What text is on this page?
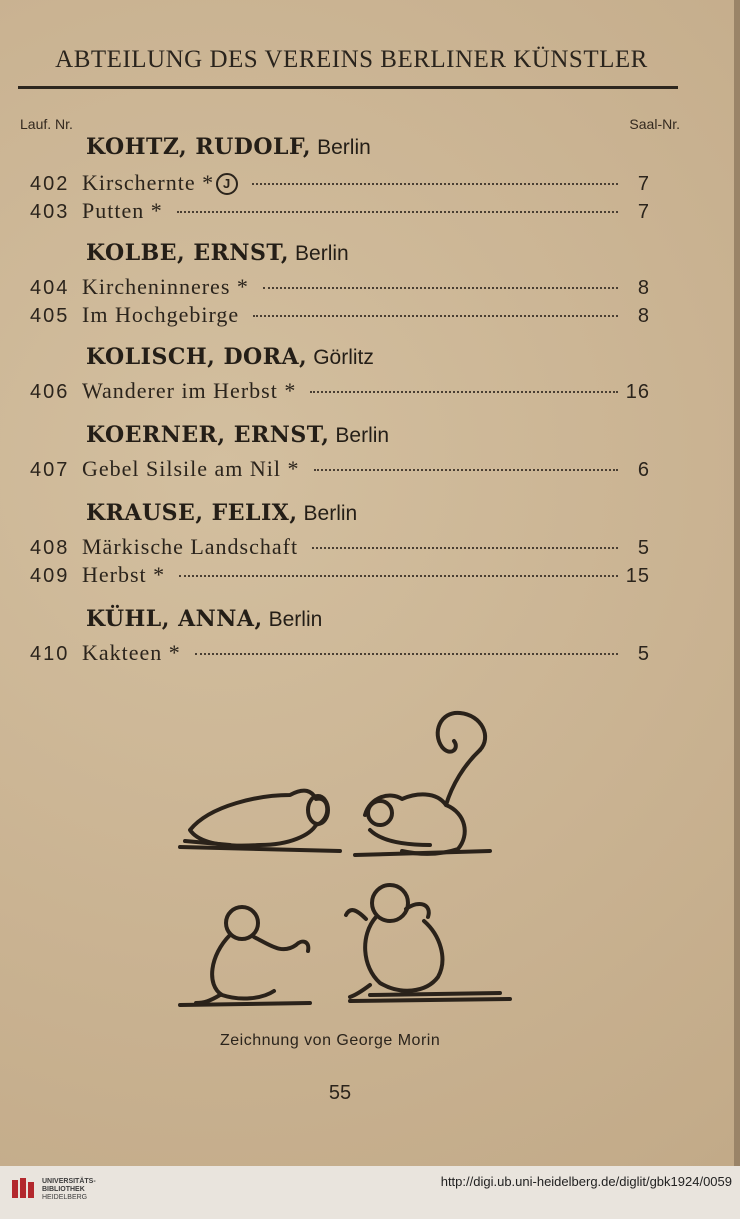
ABTEILUNG DES VEREINS BERLINER KÜNSTLER
Lauf. Nr.	Saal-Nr.
KOHTZ, RUDOLF, Berlin
402 Kirschernte * J	7
403 Putten *	7
KOLBE, ERNST, Berlin
404 Kircheninneres *	8
405 Im Hochgebirge	8
KOLISCH, DORA, Görlitz
406 Wanderer im Herbst *	16
KOERNER, ERNST, Berlin
407 Gebel Silsile am Nil *	6
KRAUSE, FELIX, Berlin
408 Märkische Landschaft	5
409 Herbst *	15
KÜHL, ANNA, Berlin
410 Kakteen *	5
Zeichnung von George Morin
55
UNIVERSITÄTS-
BIBLIOTHEK
HEIDELBERG
http://digi.ub.uni-heidelberg.de/diglit/gbk1924/0059
